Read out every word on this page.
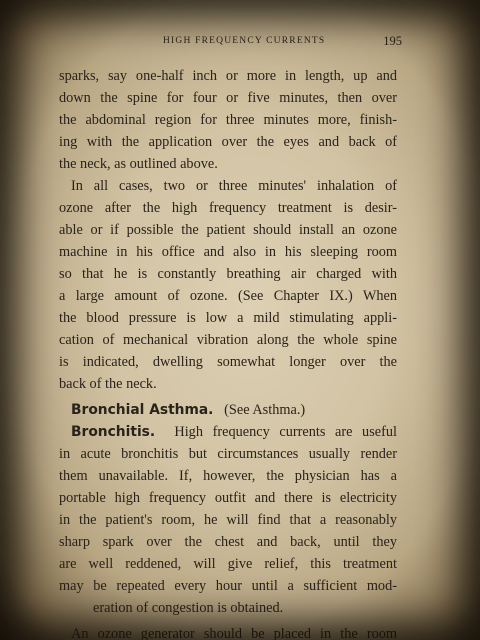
HIGH FREQUENCY CURRENTS	195
sparks, say one-half inch or more in length, up and
down the spine for four or five minutes, then over
the abdominal region for three minutes more, finish-
ing with the application over the eyes and back of
the neck, as outlined above.
In all cases, two or three minutes' inhalation of
ozone after the high frequency treatment is desir-
able or if possible the patient should install an ozone
machine in his office and also in his sleeping room
so that he is constantly breathing air charged with
a large amount of ozone. (See Chapter IX.) When
the blood pressure is low a mild stimulating appli-
cation of mechanical vibration along the whole spine
is indicated, dwelling somewhat longer over the
back of the neck.
Bronchial Asthma. (See Asthma.)
Bronchitis. High frequency currents are useful
in acute bronchitis but circumstances usually render
them unavailable. If, however, the physician has a
portable high frequency outfit and there is electricity
in the patient's room, he will find that a reasonably
sharp spark over the chest and back, until they
are well reddened, will give relief, this treatment
may be repeated every hour until a sufficient mod-
eration of congestion is obtained.
An ozone generator should be placed in the room
